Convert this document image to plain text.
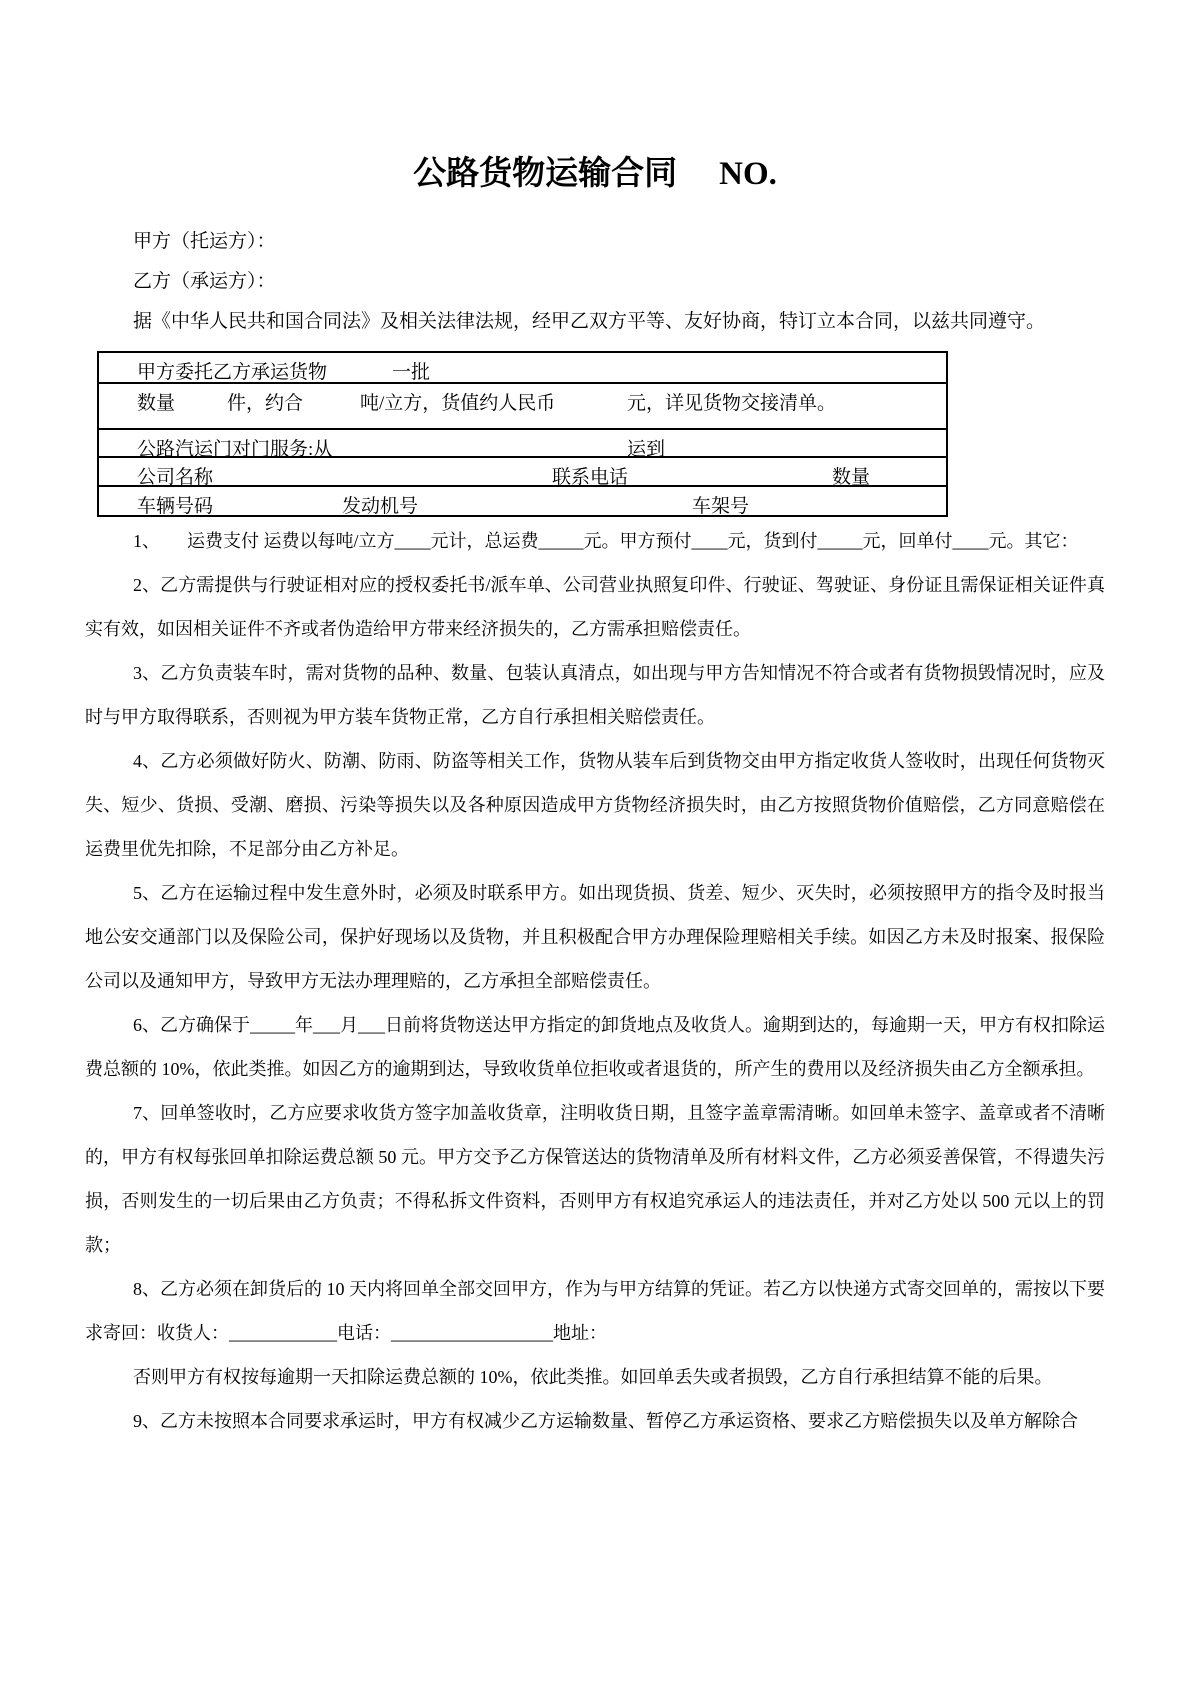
公路货物运输合同 NO.

甲方（托运方）：

乙方（承运方）：

据《中华人民共和国合同法》及相关法律法规，经甲乙双方平等、友好协商，特订立本合同，以兹共同遵守。

甲方委托乙方承运货物	一批
数量	件，约合	吨/立方，货值约人民币	元，详见货物交接清单。
公路汽运门对门服务:从	运到
公司名称	联系电话	数量
车辆号码	发动机号	车架号

1、　　运费支付 运费以每吨/立方____元计，总运费_____元。甲方预付____元，货到付_____元，回单付____元。其它：

2、乙方需提供与行驶证相对应的授权委托书/派车单、公司营业执照复印件、行驶证、驾驶证、身份证且需保证相关证件真实有效，如因相关证件不齐或者伪造给甲方带来经济损失的，乙方需承担赔偿责任。

3、乙方负责装车时，需对货物的品种、数量、包装认真清点，如出现与甲方告知情况不符合或者有货物损毁情况时，应及时与甲方取得联系，否则视为甲方装车货物正常，乙方自行承担相关赔偿责任。

4、乙方必须做好防火、防潮、防雨、防盗等相关工作，货物从装车后到货物交由甲方指定收货人签收时，出现任何货物灭失、短少、货损、受潮、磨损、污染等损失以及各种原因造成甲方货物经济损失时，由乙方按照货物价值赔偿，乙方同意赔偿在运费里优先扣除，不足部分由乙方补足。

5、乙方在运输过程中发生意外时，必须及时联系甲方。如出现货损、货差、短少、灭失时，必须按照甲方的指令及时报当地公安交通部门以及保险公司，保护好现场以及货物，并且积极配合甲方办理保险理赔相关手续。如因乙方未及时报案、报保险公司以及通知甲方，导致甲方无法办理理赔的，乙方承担全部赔偿责任。

6、乙方确保于_____年___月___日前将货物送达甲方指定的卸货地点及收货人。逾期到达的，每逾期一天，甲方有权扣除运费总额的 10%，依此类推。如因乙方的逾期到达，导致收货单位拒收或者退货的，所产生的费用以及经济损失由乙方全额承担。

7、回单签收时，乙方应要求收货方签字加盖收货章，注明收货日期，且签字盖章需清晰。如回单未签字、盖章或者不清晰的，甲方有权每张回单扣除运费总额 50 元。甲方交予乙方保管送达的货物清单及所有材料文件，乙方必须妥善保管，不得遗失污损，否则发生的一切后果由乙方负责；不得私拆文件资料，否则甲方有权追究承运人的违法责任，并对乙方处以 500 元以上的罚款；

8、乙方必须在卸货后的 10 天内将回单全部交回甲方，作为与甲方结算的凭证。若乙方以快递方式寄交回单的，需按以下要求寄回：收货人：____________电话：__________________地址：

否则甲方有权按每逾期一天扣除运费总额的 10%，依此类推。如回单丢失或者损毁，乙方自行承担结算不能的后果。

9、乙方未按照本合同要求承运时，甲方有权减少乙方运输数量、暂停乙方承运资格、要求乙方赔偿损失以及单方解除合
